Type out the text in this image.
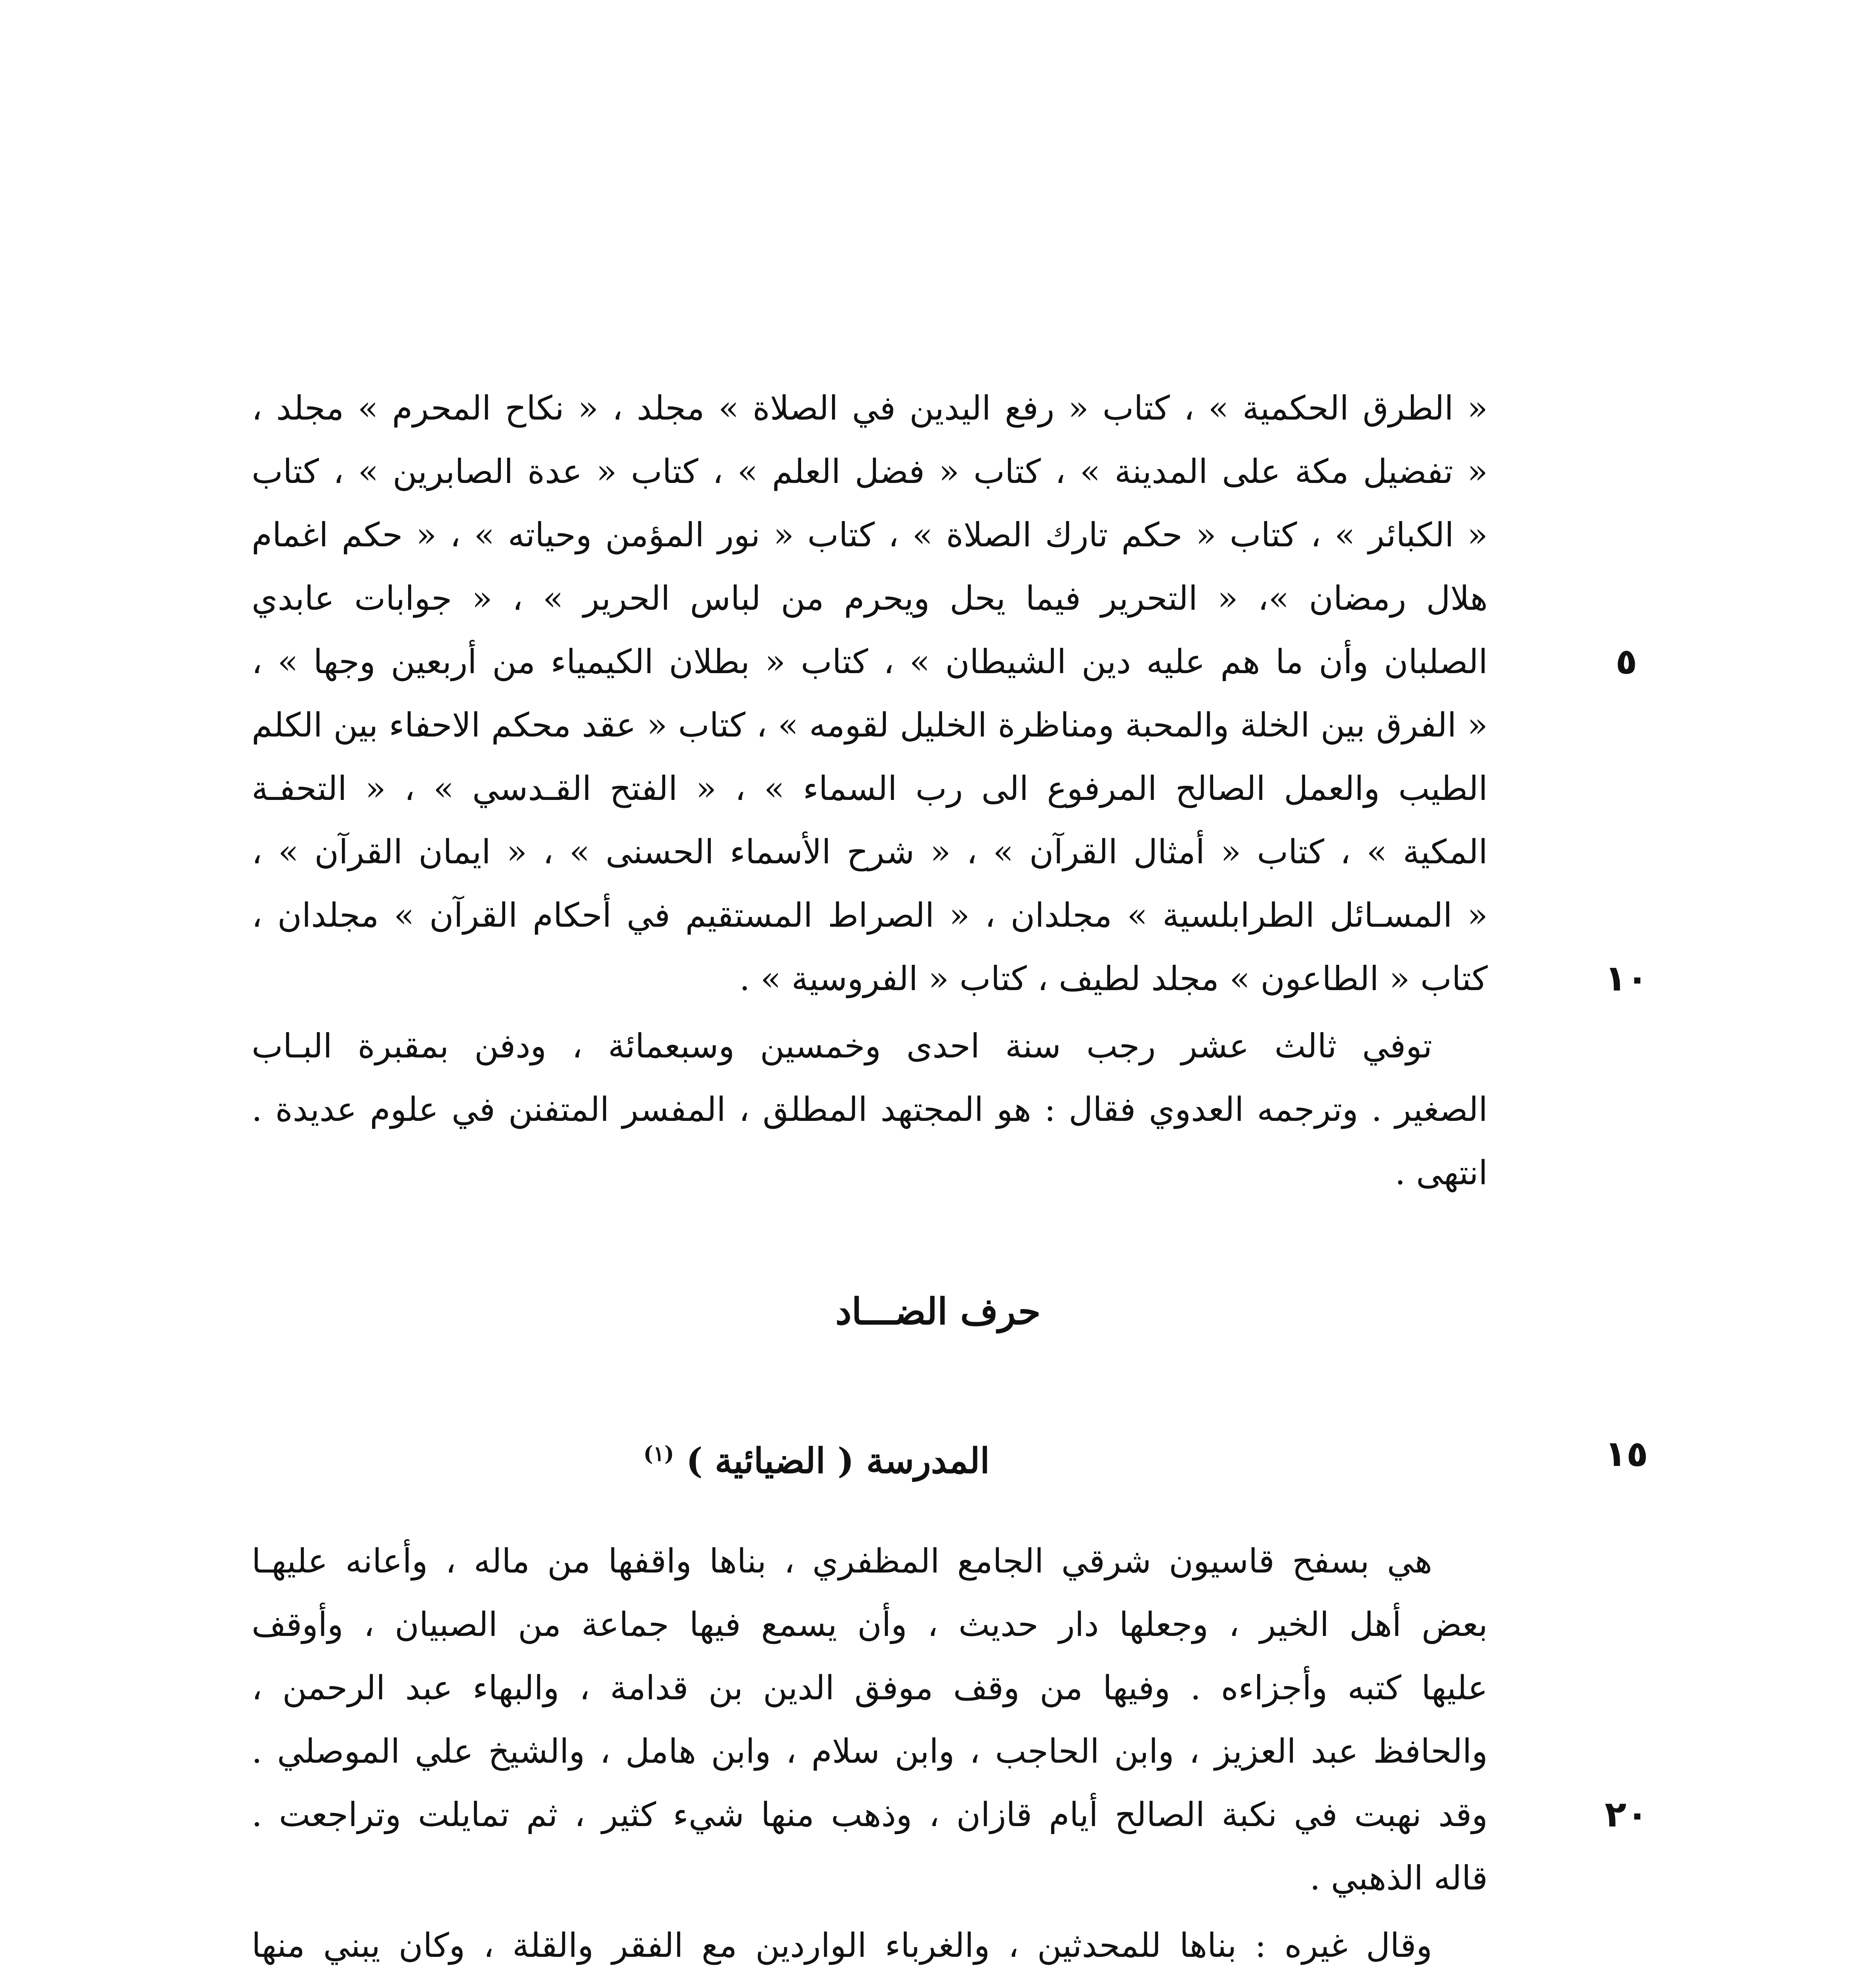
« الطرق الحكمية » ، كتاب « رفع اليدين في الصلاة » مجلد ، « نكاح المحرم » مجلد ،
« تفضيل مكة على المدينة » ، كتاب « فضل العلم » ، كتاب « عدة الصابرين » ، كتاب
« الكبائر » ، كتاب « حكم تارك الصلاة » ، كتاب « نور المؤمن وحياته » ، « حكم اغمام
هلال رمضان »، « التحرير فيما يحل ويحرم من لباس الحرير » ، « جوابات عابدي
الصلبان وأن ما هم عليه دين الشيطان » ، كتاب « بطلان الكيمياء من أربعين وجها » ،
« الفرق بين الخلة والمحبة ومناظرة الخليل لقومه » ، كتاب « عقد محكم الاحفاء بين الكلم
الطيب والعمل الصالح المرفوع الى رب السماء » ، « الفتح القـدسي » ، « التحفـة
المكية » ، كتاب « أمثال القرآن » ، « شرح الأسماء الحسنى » ، « ايمان القرآن » ،
« المسـائل الطرابلسية » مجلدان ، « الصراط المستقيم في أحكام القرآن » مجلدان ،
كتاب « الطاعون » مجلد لطيف ، كتاب « الفروسية » .
توفي ثالث عشر رجب سنة احدى وخمسين وسبعمائة ، ودفن بمقبرة البـاب
الصغير . وترجمه العدوي فقال : هو المجتهد المطلق ، المفسر المتفنن في علوم عديدة .
انتهى .
٥
١٠
حرف الضـــاد
١٥
المدرسة ( الضيائية ) $^{(١)}$
هي بسفح قاسيون شرقي الجامع المظفري ، بناها واقفها من ماله ، وأعانه عليهـا
بعض أهل الخير ، وجعلها دار حديث ، وأن يسمع فيها جماعة من الصبيان ، وأوقف
عليها كتبه وأجزاءه . وفيها من وقف موفق الدين بن قدامة ، والبهاء عبد الرحمن ،
والحافظ عبد العزيز ، وابن الحاجب ، وابن سلام ، وابن هامل ، والشيخ علي الموصلي .
وقد نهبت في نكبة الصالح أيام قازان ، وذهب منها شيء كثير ، ثم تمايلت وتراجعت .
قاله الذهبي .
وقال غيره : بناها للمحدثين ، والغرباء الواردين مع الفقر والقلة ، وكان يبني منها
٢٠
